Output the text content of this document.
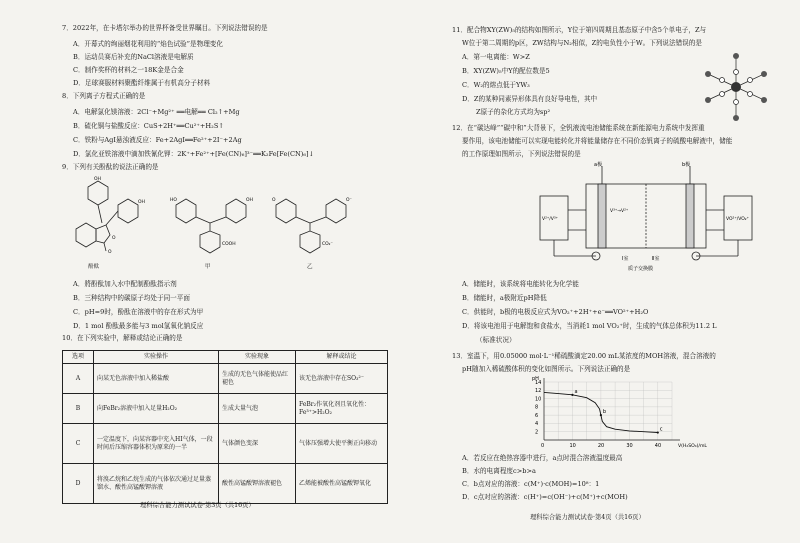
7．2022年，在卡塔尔举办的世界杯备受世界瞩目。下列说法错误的是
A．开幕式的绚丽烟花利用的“焰色试验”是物理变化
B．运动员赛后补充的NaCl溶液是电解质
C．制作奖杯的材料之一18K金是合金
D．足球赛服材料聚酯纤维属于有机高分子材料
8．下列离子方程式正确的是
A．电解氯化镁溶液：2Cl⁻+Mg²⁺ ══电解══ Cl₂↑+Mg
B．硫化铜与盐酸反应：CuS+2H⁺══Cu²⁺+H₂S↑
C．铁粉与AgI悬浊液反应：Fe+2AgI══Fe²⁺+2I⁻+2Ag
D．氯化亚铁溶液中滴加铁氰化钾：2K⁺+Fe²⁺+[Fe(CN)₆]³⁻══K₂Fe[Fe(CN)₆]↓
9．下列有关酚酞的说法正确的是
OH
OH
O
O
酚酞
HO	OH
COOH
甲
O	O⁻
CO₂⁻
乙
A．將酚酞加入水中配制酚酞指示剂
B．三种结构中的碳原子均处于同一平面
C．pH=9时，酚酞在溶液中的存在形式为甲
D．1 mol 酚酞最多能与3 mol氢氧化钠反应
10．在下列实验中，解释或结论正确的是
选项	实验操作	实验现象	解释或结论
A	向某无色溶液中加入稀盐酸	生成的无色气体能使品红褪色	该无色溶液中存在SO₃²⁻
B	向FeBr₂溶液中加入足量H₂O₂	生成大量气泡	FeBr₂作氧化剂且氧化性：Fe³⁺>H₂O₂
C	一定温度下，向某容器中充入HI气体，一段时间后压缩容器体积为原来的一半	气体颜色变深	气体压强增大使平衡正向移动
D	将溴乙烷和乙烷生成的气体依次通过足量蒸馏水、酸性高锰酸钾溶液	酸性高锰酸钾溶液褪色	乙烯能被酸性高锰酸钾氧化
理科综合能力测试试卷·第3页（共16页）
11．配合物XY(ZW)₅的结构如图所示，Y位于第四周期且基态原子中含5个单电子，Z与
W位于第二周期的p区，ZW结构与N₂相似，Z的电负性小于W。下列说法错误的是
A．第一电离能：W>Z
B．XY(ZW)₅中Y的配位数是5
C．W₂的熔点低于YW₃
D．Z的某种同素异形体具有良好导电性，其中
Z原子的杂化方式均为sp²
12．在“碳达峰”“碳中和”大背景下，全钒液流电池储能系统在新能源电力系统中发挥重
要作用，该电池储能可以实现电能转化并将能量储存在不同价态钒离子的硫酸电解液中，储能
的工作原理如图所示，下列说法错误的是
a极	b极
V²⁺/V³⁺	VO²⁺/VO₂⁺
V³⁺→V²⁺
Ⅰ室	Ⅱ室
质子交换膜
A．储能时，该系统将电能转化为化学能
B．储能时，a极附近pH降低
C．供能时，b极的电极反应式为VO₂⁺+2H⁺+e⁻══VO²⁺+H₂O
D．将该电池用于电解饱和食盐水，当消耗1 mol VO₂⁺时，生成的气体总体积为11.2 L
（标准状况）
13．室温下，用0.05000 mol·L⁻¹稀硫酸滴定20.00 mL某浓度的MOH溶液，混合溶液的
pH随加入稀硫酸体积的变化如图所示。下列说法正确的是
pH
V(H₂SO₄)/mL
0	10	20	30	40
2
4
6
8
10
12
14
a
b
c
A．若反应在绝热容器中进行，a点时混合溶液温度最高
B．水的电离程度c>b>a
C．b点对应的溶液：c(M⁺)·c(MOH)=10⁸：1
D．c点对应的溶液：c(H⁺)=c(OH⁻)+c(M⁺)+c(MOH)
理科综合能力测试试卷·第4页（共16页）
